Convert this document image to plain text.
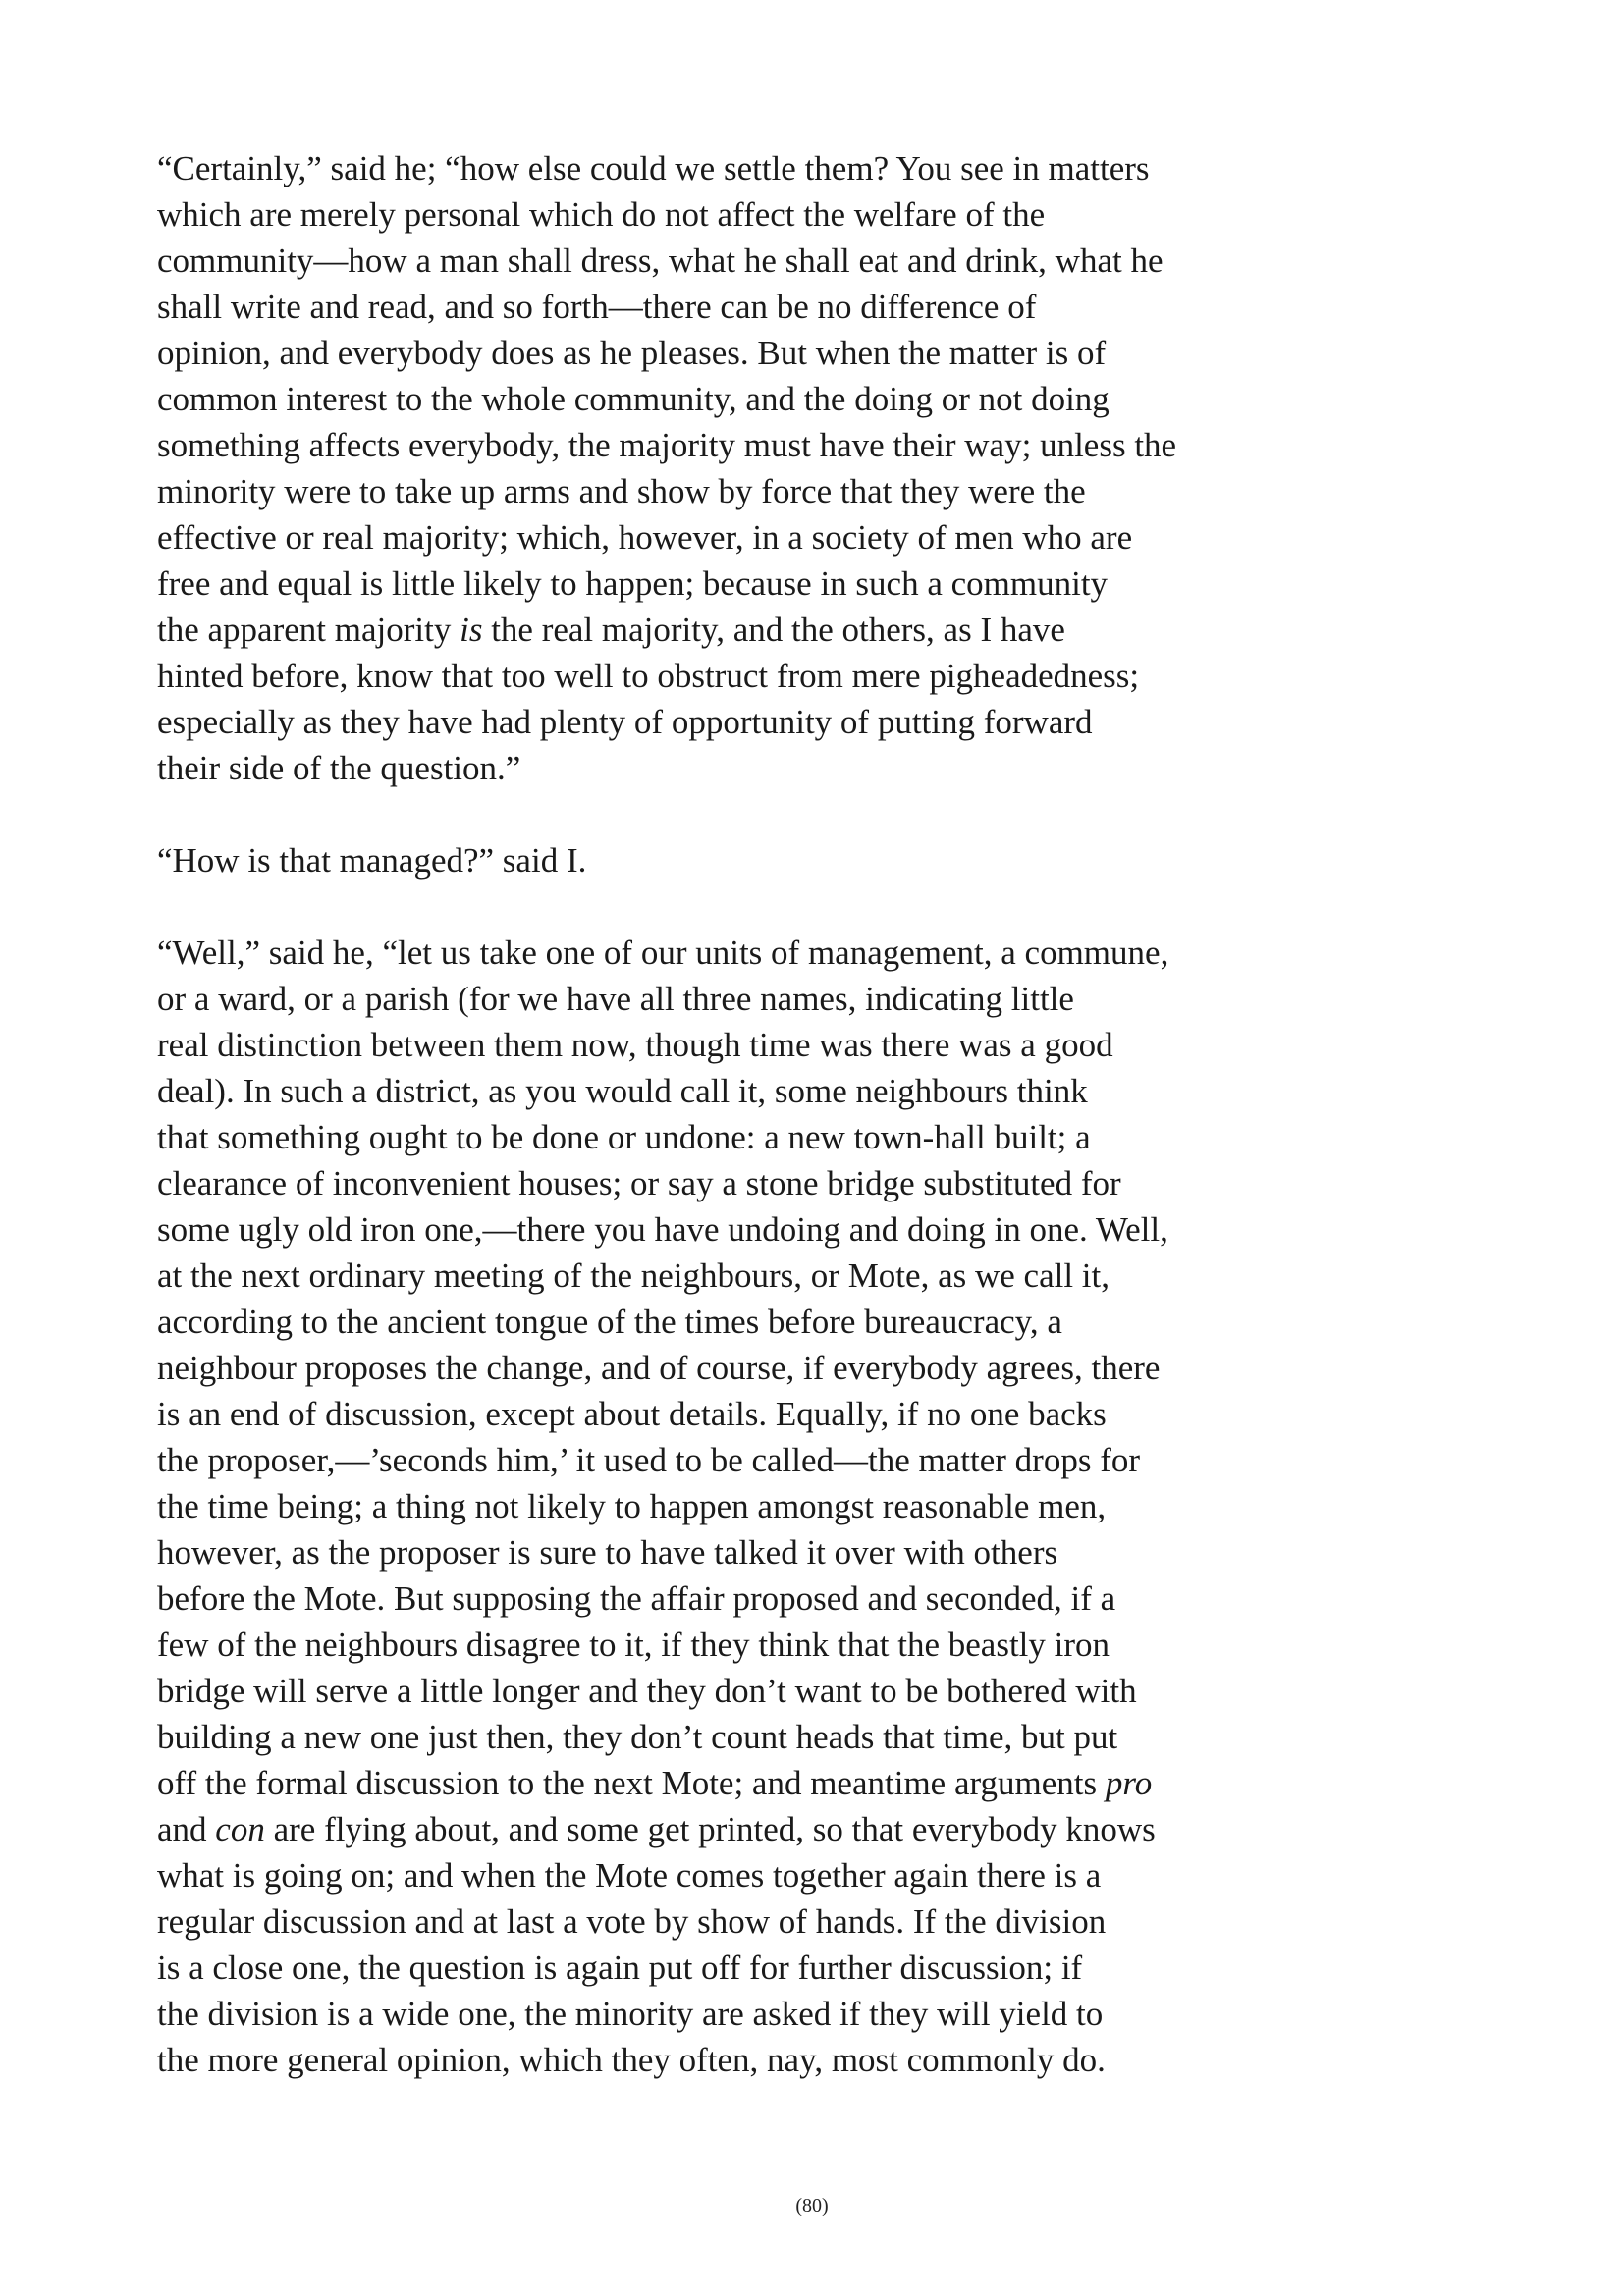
“Certainly,” said he; “how else could we settle them? You see in matters
which are merely personal which do not affect the welfare of the
community—how a man shall dress, what he shall eat and drink, what he
shall write and read, and so forth—there can be no difference of
opinion, and everybody does as he pleases. But when the matter is of
common interest to the whole community, and the doing or not doing
something affects everybody, the majority must have their way; unless the
minority were to take up arms and show by force that they were the
effective or real majority; which, however, in a society of men who are
free and equal is little likely to happen; because in such a community
the apparent majority is the real majority, and the others, as I have
hinted before, know that too well to obstruct from mere pigheadedness;
especially as they have had plenty of opportunity of putting forward
their side of the question.”
“How is that managed?” said I.
“Well,” said he, “let us take one of our units of management, a commune,
or a ward, or a parish (for we have all three names, indicating little
real distinction between them now, though time was there was a good
deal). In such a district, as you would call it, some neighbours think
that something ought to be done or undone: a new town-hall built; a
clearance of inconvenient houses; or say a stone bridge substituted for
some ugly old iron one,—there you have undoing and doing in one. Well,
at the next ordinary meeting of the neighbours, or Mote, as we call it,
according to the ancient tongue of the times before bureaucracy, a
neighbour proposes the change, and of course, if everybody agrees, there
is an end of discussion, except about details. Equally, if no one backs
the proposer,—’seconds him,’ it used to be called—the matter drops for
the time being; a thing not likely to happen amongst reasonable men,
however, as the proposer is sure to have talked it over with others
before the Mote. But supposing the affair proposed and seconded, if a
few of the neighbours disagree to it, if they think that the beastly iron
bridge will serve a little longer and they don’t want to be bothered with
building a new one just then, they don’t count heads that time, but put
off the formal discussion to the next Mote; and meantime arguments pro
and con are flying about, and some get printed, so that everybody knows
what is going on; and when the Mote comes together again there is a
regular discussion and at last a vote by show of hands. If the division
is a close one, the question is again put off for further discussion; if
the division is a wide one, the minority are asked if they will yield to
the more general opinion, which they often, nay, most commonly do.
(80)
